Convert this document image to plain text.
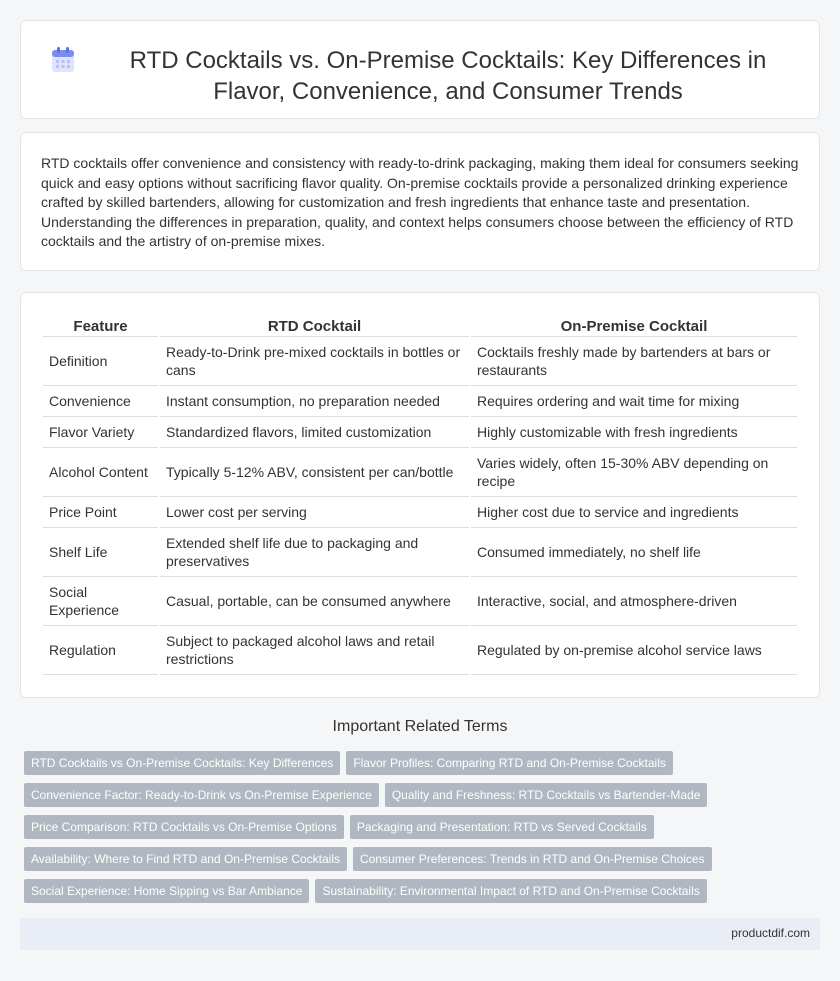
RTD Cocktails vs. On-Premise Cocktails: Key Differences in Flavor, Convenience, and Consumer Trends

RTD cocktails offer convenience and consistency with ready-to-drink packaging, making them ideal for consumers seeking quick and easy options without sacrificing flavor quality. On-premise cocktails provide a personalized drinking experience crafted by skilled bartenders, allowing for customization and fresh ingredients that enhance taste and presentation. Understanding the differences in preparation, quality, and context helps consumers choose between the efficiency of RTD cocktails and the artistry of on-premise mixes.

Feature	RTD Cocktail	On-Premise Cocktail
Definition	Ready-to-Drink pre-mixed cocktails in bottles or cans	Cocktails freshly made by bartenders at bars or restaurants
Convenience	Instant consumption, no preparation needed	Requires ordering and wait time for mixing
Flavor Variety	Standardized flavors, limited customization	Highly customizable with fresh ingredients
Alcohol Content	Typically 5-12% ABV, consistent per can/bottle	Varies widely, often 15-30% ABV depending on recipe
Price Point	Lower cost per serving	Higher cost due to service and ingredients
Shelf Life	Extended shelf life due to packaging and preservatives	Consumed immediately, no shelf life
Social Experience	Casual, portable, can be consumed anywhere	Interactive, social, and atmosphere-driven
Regulation	Subject to packaged alcohol laws and retail restrictions	Regulated by on-premise alcohol service laws
Important Related Terms
RTD Cocktails vs On-Premise Cocktails: Key Differences Flavor Profiles: Comparing RTD and On-Premise Cocktails
Convenience Factor: Ready-to-Drink vs On-Premise Experience Quality and Freshness: RTD Cocktails vs Bartender-Made
Price Comparison: RTD Cocktails vs On-Premise Options Packaging and Presentation: RTD vs Served Cocktails
Availability: Where to Find RTD and On-Premise Cocktails Consumer Preferences: Trends in RTD and On-Premise Choices
Social Experience: Home Sipping vs Bar Ambiance Sustainability: Environmental Impact of RTD and On-Premise Cocktails
productdif.com
